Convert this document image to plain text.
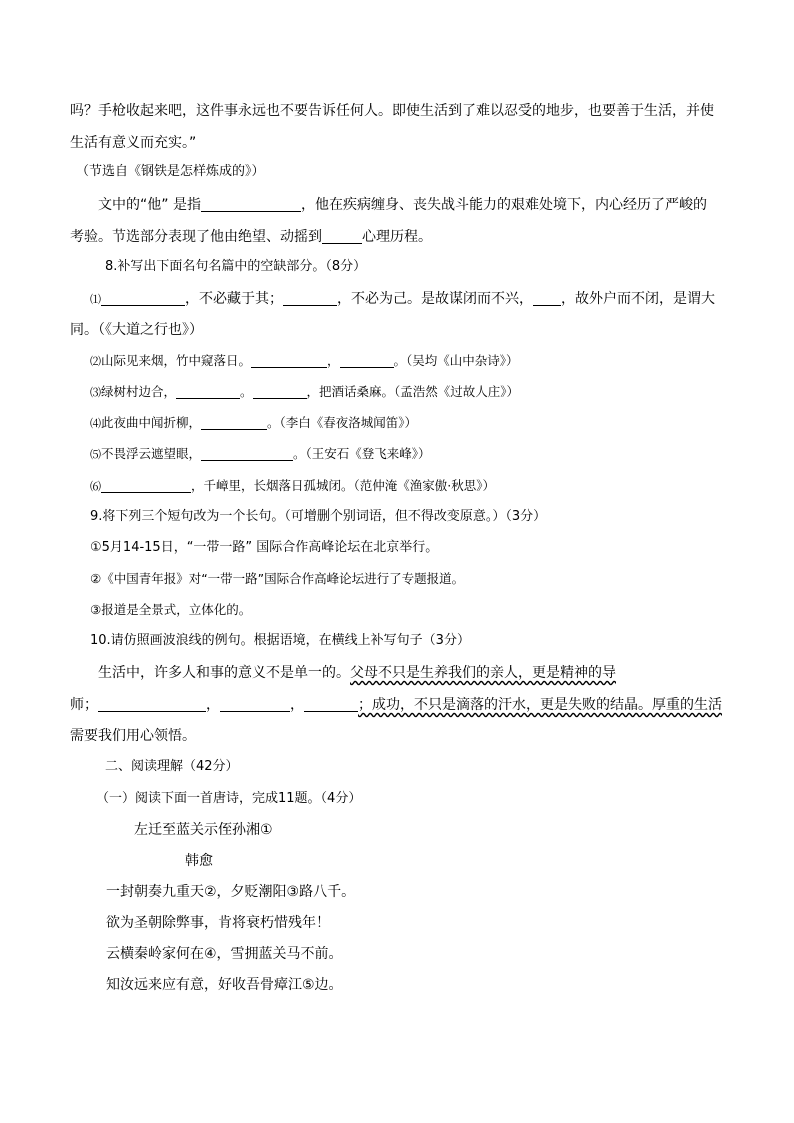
吗？手枪收起来吧，这件事永远也不要告诉任何人。即使生活到了难以忍受的地步，也要善于生活，并使
生活有意义而充实。”
（节选自《钢铁是怎样炼成的》）
文中的“他” 是指	，他在疾病缠身、丧失战斗能力的艰难处境下，内心经历了严峻的
考验。节选部分表现了他由绝望、动摇到	心理历程。
8.补写出下面名句名篇中的空缺部分。（8分）
⑴	，不必藏于其；	，不必为己。是故谋闭而不兴， ，故外户而不闭，是谓大
同。（《大道之行也》）
⑵山际见来烟，竹中窥落日。	，	。（吴均《山中杂诗》）
⑶绿树村边合，	。	，把酒话桑麻。（孟浩然《过故人庄》）
⑷此夜曲中闻折柳，	。（李白《春夜洛城闻笛》）
⑸不畏浮云遮望眼，	。（王安石《登飞来峰》）
⑹	，千嶂里，长烟落日孤城闭。（范仲淹《渔家傲·秋思》）
9.将下列三个短句改为一个长句。（可增删个别词语，但不得改变原意。）（3分）
①5月14-15日，“一带一路” 国际合作高峰论坛在北京举行。
②《中国青年报》对“一带一路”国际合作高峰论坛进行了专题报道。
③报道是全景式，立体化的。
10.请仿照画波浪线的例句。根据语境，在横线上补写句子（3分）
生活中，许多人和事的意义不是单一的。父母不只是生养我们的亲人，更是精神的导
师；	，	，	；成功，不只是滴落的汗水，更是失败的结晶。厚重的生活
需要我们用心领悟。
二、阅读理解（42分）
（一）阅读下面一首唐诗，完成11题。（4分）
左迁至蓝关示侄孙湘①
韩愈
一封朝奏九重天②，夕贬潮阳③路八千。
欲为圣朝除弊事，肯将衰朽惜残年！
云横秦岭家何在④，雪拥蓝关马不前。
知汝远来应有意，好收吾骨瘴江⑤边。
